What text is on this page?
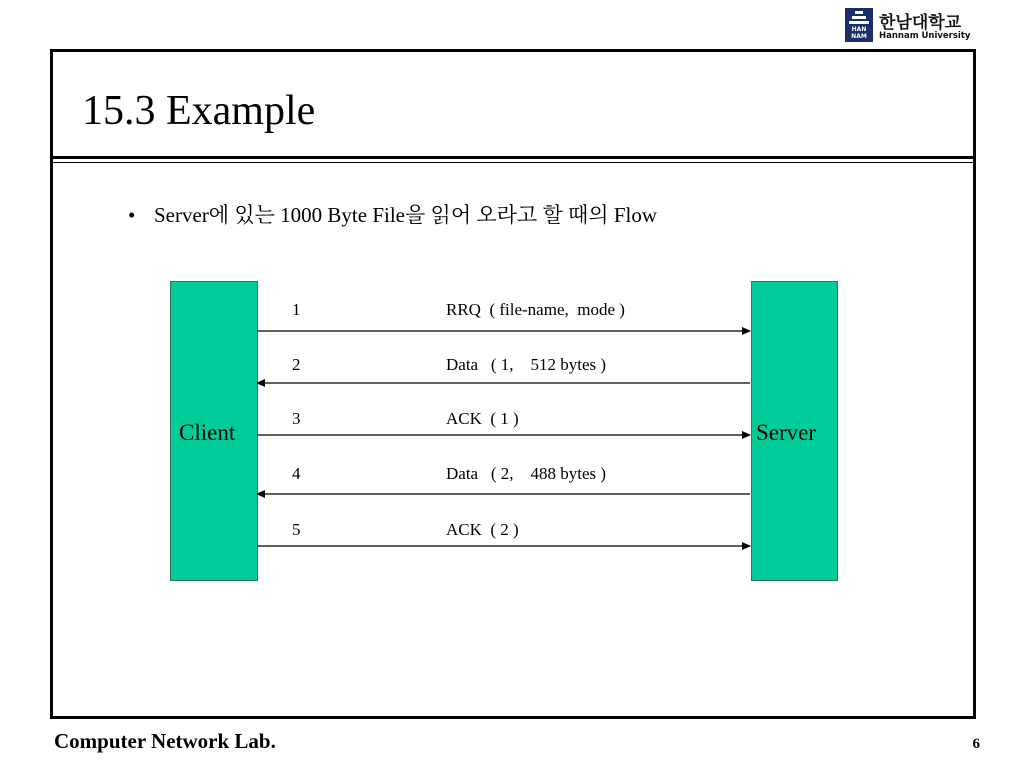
HAN
NAM
한남대학교
Hannam University
15.3 Example
• Server에 있는 1000 Byte File을 읽어 오라고 할 때의 Flow
Client	Server
1	RRQ  ( file-name,  mode )
2	Data   ( 1,    512 bytes )
3	ACK  ( 1 )
4	Data   ( 2,    488 bytes )
5	ACK  ( 2 )
Computer Network Lab.	6
